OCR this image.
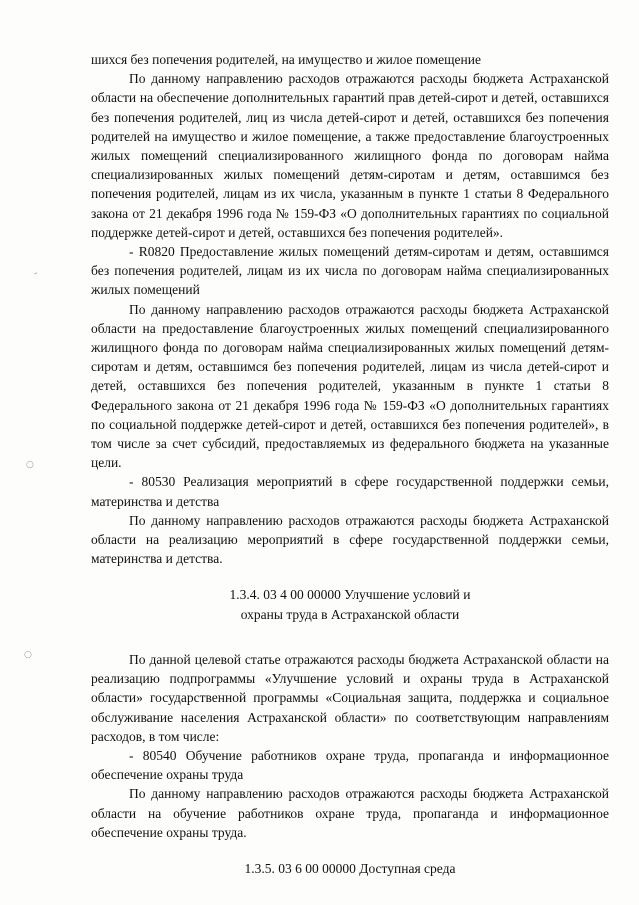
‐
○
○

шихся без попечения родителей, на имущество и жилое помещение

По данному направлению расходов отражаются расходы бюджета Астраханской области на обеспечение дополнительных гарантий прав детей-сирот и детей, оставшихся без попечения родителей, лиц из числа детей-сирот и детей, оставшихся без попечения родителей на имущество и жилое помещение, а также предоставление благоустроенных жилых помещений специализированного жилищного фонда по договорам найма специализированных жилых помещений детям-сиротам и детям, оставшимся без попечения родителей, лицам из их числа, указанным в пункте 1 статьи 8 Федерального закона от 21 декабря 1996 года № 159-ФЗ «О дополнительных гарантиях по социальной поддержке детей-сирот и детей, оставшихся без попечения родителей».

- R0820 Предоставление жилых помещений детям-сиротам и детям, оставшимся без попечения родителей, лицам из их числа по договорам найма специализированных жилых помещений

По данному направлению расходов отражаются расходы бюджета Астраханской области на предоставление благоустроенных жилых помещений специализированного жилищного фонда по договорам найма специализированных жилых помещений детям-сиротам и детям, оставшимся без попечения родителей, лицам из числа детей-сирот и детей, оставшихся без попечения родителей, указанным в пункте 1 статьи 8 Федерального закона от 21 декабря 1996 года № 159-ФЗ «О дополнительных гарантиях по социальной поддержке детей-сирот и детей, оставшихся без попечения родителей», в том числе за счет субсидий, предоставляемых из федерального бюджета на указанные цели.

- 80530 Реализация мероприятий в сфере государственной поддержки семьи, материнства и детства

По данному направлению расходов отражаются расходы бюджета Астраханской области на реализацию мероприятий в сфере государственной поддержки семьи, материнства и детства.

1.3.4. 03 4 00 00000 Улучшение условий и

охраны труда в Астраханской области

По данной целевой статье отражаются расходы бюджета Астраханской области на реализацию подпрограммы «Улучшение условий и охраны труда в Астраханской области» государственной программы «Социальная защита, поддержка и социальное обслуживание населения Астраханской области» по соответствующим направлениям расходов, в том числе:

- 80540 Обучение работников охране труда, пропаганда и информационное обеспечение охраны труда

По данному направлению расходов отражаются расходы бюджета Астраханской области на обучение работников охране труда, пропаганда и информационное обеспечение охраны труда.

1.3.5. 03 6 00 00000 Доступная среда
